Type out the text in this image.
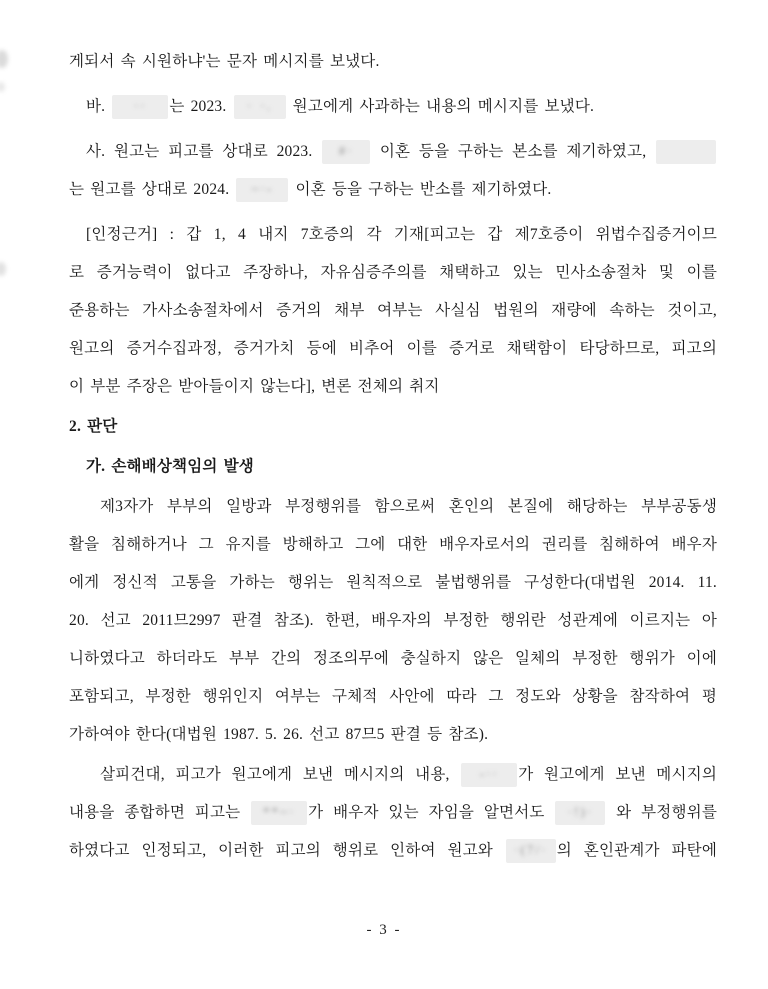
게되서 속 시원하냐'는 문자 메시지를 보냈다.
바. ·· 는 2023. · ·. 원고에게 사과하는 내용의 메시지를 보냈다.
사. 원고는 피고를 상대로 2023. #· 이혼 등을 구하는 본소를 제기하였고,
는 원고를 상대로 2024. ~·- 이혼 등을 구하는 반소를 제기하였다.
[인정근거] : 갑 1, 4 내지 7호증의 각 기재[피고는 갑 제7호증이 위법수집증거이므
로 증거능력이 없다고 주장하나, 자유심증주의를 채택하고 있는 민사소송절차 및 이를
준용하는 가사소송절차에서 증거의 채부 여부는 사실심 법원의 재량에 속하는 것이고,
원고의 증거수집과정, 증거가치 등에 비추어 이를 증거로 채택함이 타당하므로, 피고의
이 부분 주장은 받아들이지 않는다], 변론 전체의 취지
2. 판단
가. 손해배상책임의 발생
제3자가 부부의 일방과 부정행위를 함으로써 혼인의 본질에 해당하는 부부공동생
활을 침해하거나 그 유지를 방해하고 그에 대한 배우자로서의 권리를 침해하여 배우자
에게 정신적 고통을 가하는 행위는 원칙적으로 불법행위를 구성한다(대법원 2014. 11.
20. 선고 2011므2997 판결 참조). 한편, 배우자의 부정한 행위란 성관계에 이르지는 아
니하였다고 하더라도 부부 간의 정조의무에 충실하지 않은 일체의 부정한 행위가 이에
포함되고, 부정한 행위인지 여부는 구체적 사안에 따라 그 정도와 상황을 참작하여 평
가하여야 한다(대법원 1987. 5. 26. 선고 87므5 판결 등 참조).
살피건대, 피고가 원고에게 보낸 메시지의 내용, -·· 가 원고에게 보낸 메시지의
내용을 종합하면 피고는 **~· 가 배우자 있는 자임을 알면서도 ·!)· 와 부정행위를
하였다고 인정되고, 이러한 피고의 행위로 인하여 원고와 ·(7/· 의 혼인관계가 파탄에
- 3 -
